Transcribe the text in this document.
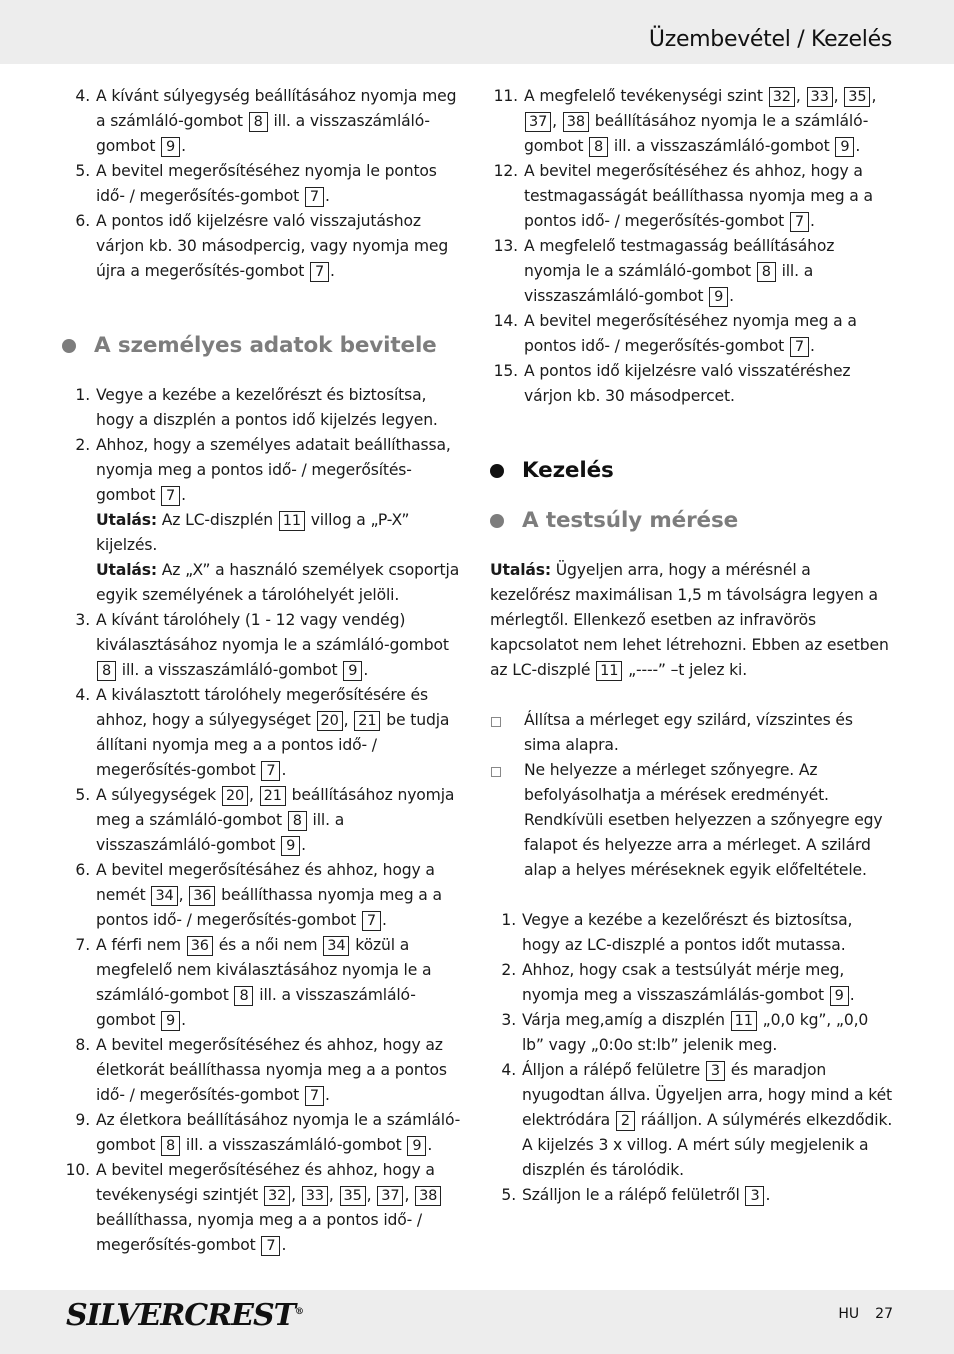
Üzembevétel / Kezelés
4. A kívánt súlyegység beállításához nyomja meg a számláló-gombot 8 ill. a visszaszámláló-gombot 9 .
5. A bevitel megerősítéséhez nyomja le pontos idő- / megerősítés-gombot 7 .
6. A pontos idő kijelzésre való visszajutáshoz várjon kb. 30 másodpercig, vagy nyomja meg újra a megerősítés-gombot 7 .
A személyes adatok bevitele
1. Vegye a kezébe a kezelőrészt és biztosítsa, hogy a diszplén a pontos idő kijelzés legyen.
2. Ahhoz, hogy a személyes adatait beállíthassa, nyomja meg a pontos idő- / megerősítés-gombot 7 .
Utalás: Az LC-diszplén 11 villog a „P-X” kijelzés.
Utalás: Az „X” a használó személyek csoportja egyik személyének a tárolóhelyét jelöli.
3. A kívánt tárolóhely (1 - 12 vagy vendég) kiválasztásához nyomja le a számláló-gombot 8 ill. a visszaszámláló-gombot 9 .
4. A kiválasztott tárolóhely megerősítésére és ahhoz, hogy a súlyegységet 20 , 21 be tudja állítani nyomja meg a a pontos idő- / megerősítés-gombot 7 .
5. A súlyegységek 20 , 21 beállításához nyomja meg a számláló-gombot 8 ill. a visszaszámláló-gombot 9 .
6. A bevitel megerősítésáhez és ahhoz, hogy a nemét 34 , 36 beállíthassa nyomja meg a a pontos idő- / megerősítés-gombot 7 .
7. A férfi nem 36 és a női nem 34 közül a megfelelő nem kiválasztásához nyomja le a számláló-gombot 8 ill. a visszaszámláló-gombot 9 .
8. A bevitel megerősítéséhez és ahhoz, hogy az életkorát beállíthassa nyomja meg a a pontos idő- / megerősítés-gombot 7 .
9. Az életkora beállításához nyomja le a számláló-gombot 8 ill. a visszaszámláló-gombot 9 .
10. A bevitel megerősítéséhez és ahhoz, hogy a tevékenységi szintjét 32 , 33 , 35 , 37 , 38 beállíthassa, nyomja meg a a pontos idő- / megerősítés-gombot 7 .
11. A megfelelő tevékenységi szint 32 , 33 , 35 , 37 , 38 beállításához nyomja le a számláló-gombot 8 ill. a visszaszámláló-gombot 9 .
12. A bevitel megerősítéséhez és ahhoz, hogy a testmagasságát beállíthassa nyomja meg a a pontos idő- / megerősítés-gombot 7 .
13. A megfelelő testmagasság beállításához nyomja le a számláló-gombot 8 ill. a visszaszámláló-gombot 9 .
14. A bevitel megerősítéséhez nyomja meg a a pontos idő- / megerősítés-gombot 7 .
15. A pontos idő kijelzésre való visszatéréshez várjon kb. 30 másodpercet.
Kezelés
A testsúly mérése
Utalás: Ügyeljen arra, hogy a mérésnél a kezelőrész maximálisan 1,5 m távolságra legyen a mérlegtől. Ellenkező esetben az infravörös kapcsolatot nem lehet létrehozni. Ebben az esetben az LC-diszplé 11 „----” –t jelez ki.
Állítsa a mérleget egy szilárd, vízszintes és sima alapra.
Ne helyezze a mérleget szőnyegre. Az befolyásolhatja a mérések eredményét. Rendkívüli esetben helyezzen a szőnyegre egy falapot és helyezze arra a mérleget. A szilárd alap a helyes méréseknek egyik előfeltétele.
1. Vegye a kezébe a kezelőrészt és biztosítsa, hogy az LC-diszplé a pontos időt mutassa.
2. Ahhoz, hogy csak a testsúlyát mérje meg, nyomja meg a visszaszámlálás-gombot 9 .
3. Várja meg,amíg a diszplén 11 „0,0 kg”, „0,0 lb” vagy „0:0o st:lb” jelenik meg.
4. Álljon a rálépő felületre 3 és maradjon nyugodtan állva. Ügyeljen arra, hogy mind a két elektródára 2 ráálljon. A súlymérés elkezdődik. A kijelzés 3 x villog. A mért súly megjelenik a diszplén és tárolódik.
5. Szálljon le a rálépő felületről 3 .
SILVERCREST®	HU 27
